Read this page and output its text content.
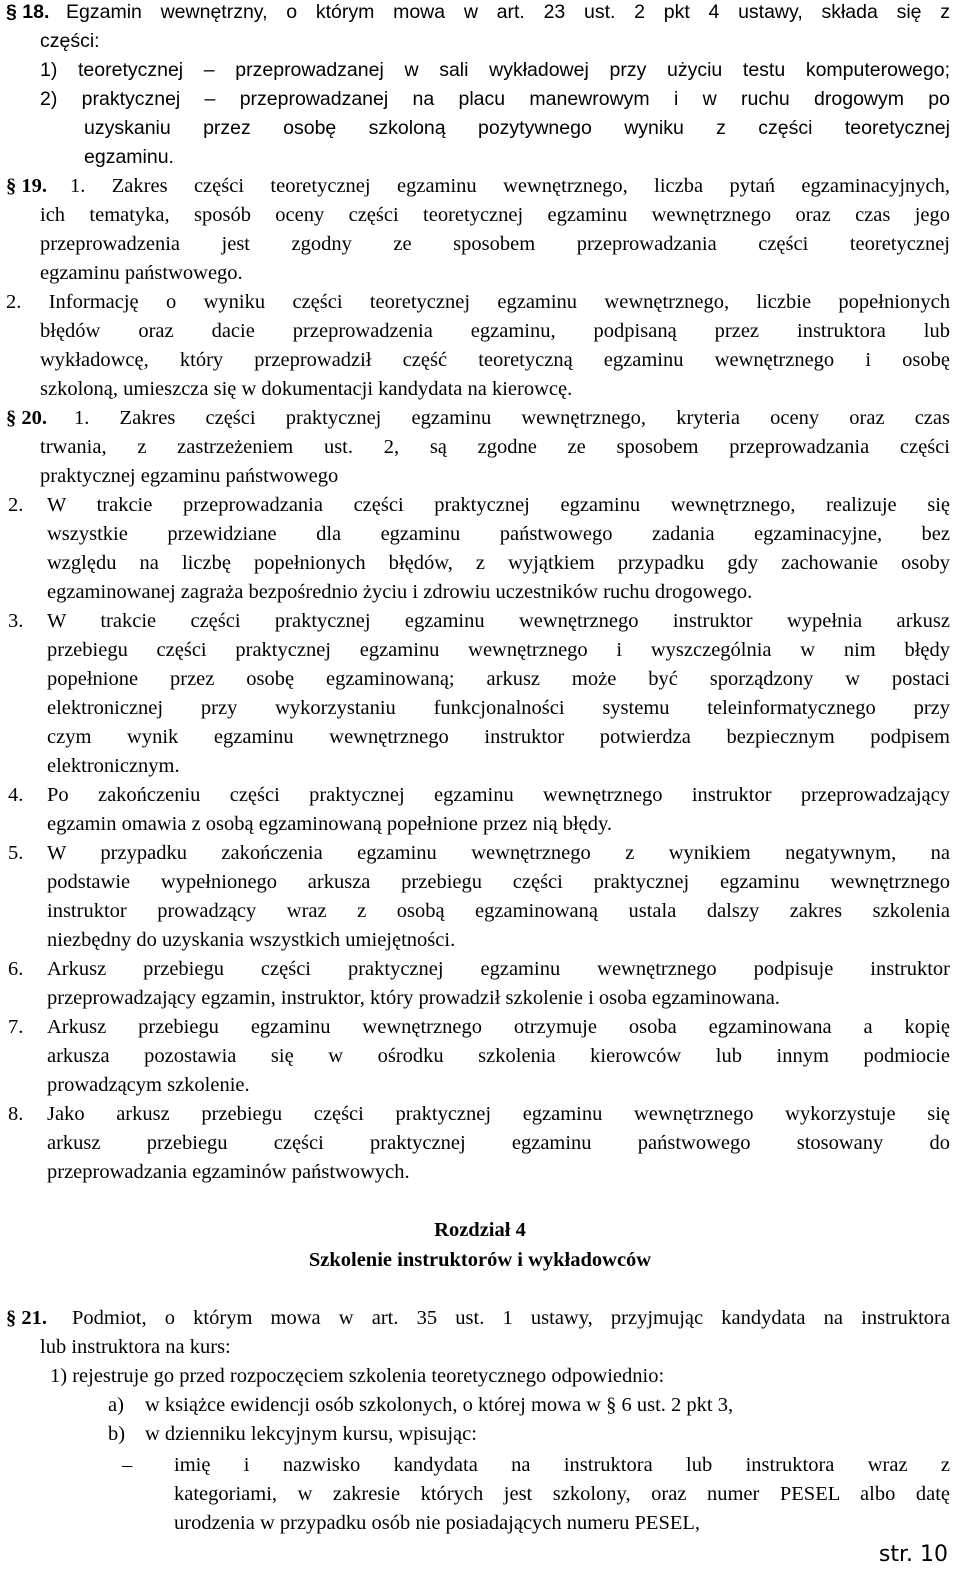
§ 18. Egzamin wewnętrzny, o którym mowa w art. 23 ust. 2 pkt 4 ustawy, składa się z
części:
1) teoretycznej – przeprowadzanej w sali wykładowej przy użyciu testu komputerowego;
2) praktycznej – przeprowadzanej na placu manewrowym i w ruchu drogowym po
uzyskaniu przez osobę szkoloną pozytywnego wyniku z części teoretycznej
egzaminu.
§ 19. 1. Zakres części teoretycznej egzaminu wewnętrznego, liczba pytań egzaminacyjnych,
ich tematyka, sposób oceny części teoretycznej egzaminu wewnętrznego oraz czas jego
przeprowadzenia jest zgodny ze sposobem przeprowadzania części teoretycznej
egzaminu państwowego.
2. Informację o wyniku części teoretycznej egzaminu wewnętrznego, liczbie popełnionych
błędów oraz dacie przeprowadzenia egzaminu, podpisaną przez instruktora lub
wykładowcę, który przeprowadził część teoretyczną egzaminu wewnętrznego i osobę
szkoloną, umieszcza się w dokumentacji kandydata na kierowcę.
§ 20. 1. Zakres części praktycznej egzaminu wewnętrznego, kryteria oceny oraz czas
trwania, z zastrzeżeniem ust. 2, są zgodne ze sposobem przeprowadzania części
praktycznej egzaminu państwowego
2. W trakcie przeprowadzania części praktycznej egzaminu wewnętrznego, realizuje się
wszystkie przewidziane dla egzaminu państwowego zadania egzaminacyjne, bez
względu na liczbę popełnionych błędów, z wyjątkiem przypadku gdy zachowanie osoby
egzaminowanej zagraża bezpośrednio życiu i zdrowiu uczestników ruchu drogowego.
3. W trakcie części praktycznej egzaminu wewnętrznego instruktor wypełnia arkusz
przebiegu części praktycznej egzaminu wewnętrznego i wyszczególnia w nim błędy
popełnione przez osobę egzaminowaną; arkusz może być sporządzony w postaci
elektronicznej przy wykorzystaniu funkcjonalności systemu teleinformatycznego przy
czym wynik egzaminu wewnętrznego instruktor potwierdza bezpiecznym podpisem
elektronicznym.
4. Po zakończeniu części praktycznej egzaminu wewnętrznego instruktor przeprowadzający
egzamin omawia z osobą egzaminowaną popełnione przez nią błędy.
5. W przypadku zakończenia egzaminu wewnętrznego z wynikiem negatywnym, na
podstawie wypełnionego arkusza przebiegu części praktycznej egzaminu wewnętrznego
instruktor prowadzący wraz z osobą egzaminowaną ustala dalszy zakres szkolenia
niezbędny do uzyskania wszystkich umiejętności.
6. Arkusz przebiegu części praktycznej egzaminu wewnętrznego podpisuje instruktor
przeprowadzający egzamin, instruktor, który prowadził szkolenie i osoba egzaminowana.
7. Arkusz przebiegu egzaminu wewnętrznego otrzymuje osoba egzaminowana a kopię
arkusza pozostawia się w ośrodku szkolenia kierowców lub innym podmiocie
prowadzącym szkolenie.
8. Jako arkusz przebiegu części praktycznej egzaminu wewnętrznego wykorzystuje się
arkusz przebiegu części praktycznej egzaminu państwowego stosowany do
przeprowadzania egzaminów państwowych.
Rozdział 4
Szkolenie instruktorów i wykładowców
§ 21. Podmiot, o którym mowa w art. 35 ust. 1 ustawy, przyjmując kandydata na instruktora
lub instruktora na kurs:
1) rejestruje go przed rozpoczęciem szkolenia teoretycznego odpowiednio:
a) w książce ewidencji osób szkolonych, o której mowa w § 6 ust. 2 pkt 3,
b) w dzienniku lekcyjnym kursu, wpisując:
– imię i nazwisko kandydata na instruktora lub instruktora wraz z
kategoriami, w zakresie których jest szkolony, oraz numer PESEL albo datę
urodzenia w przypadku osób nie posiadających numeru PESEL,
str. 10
